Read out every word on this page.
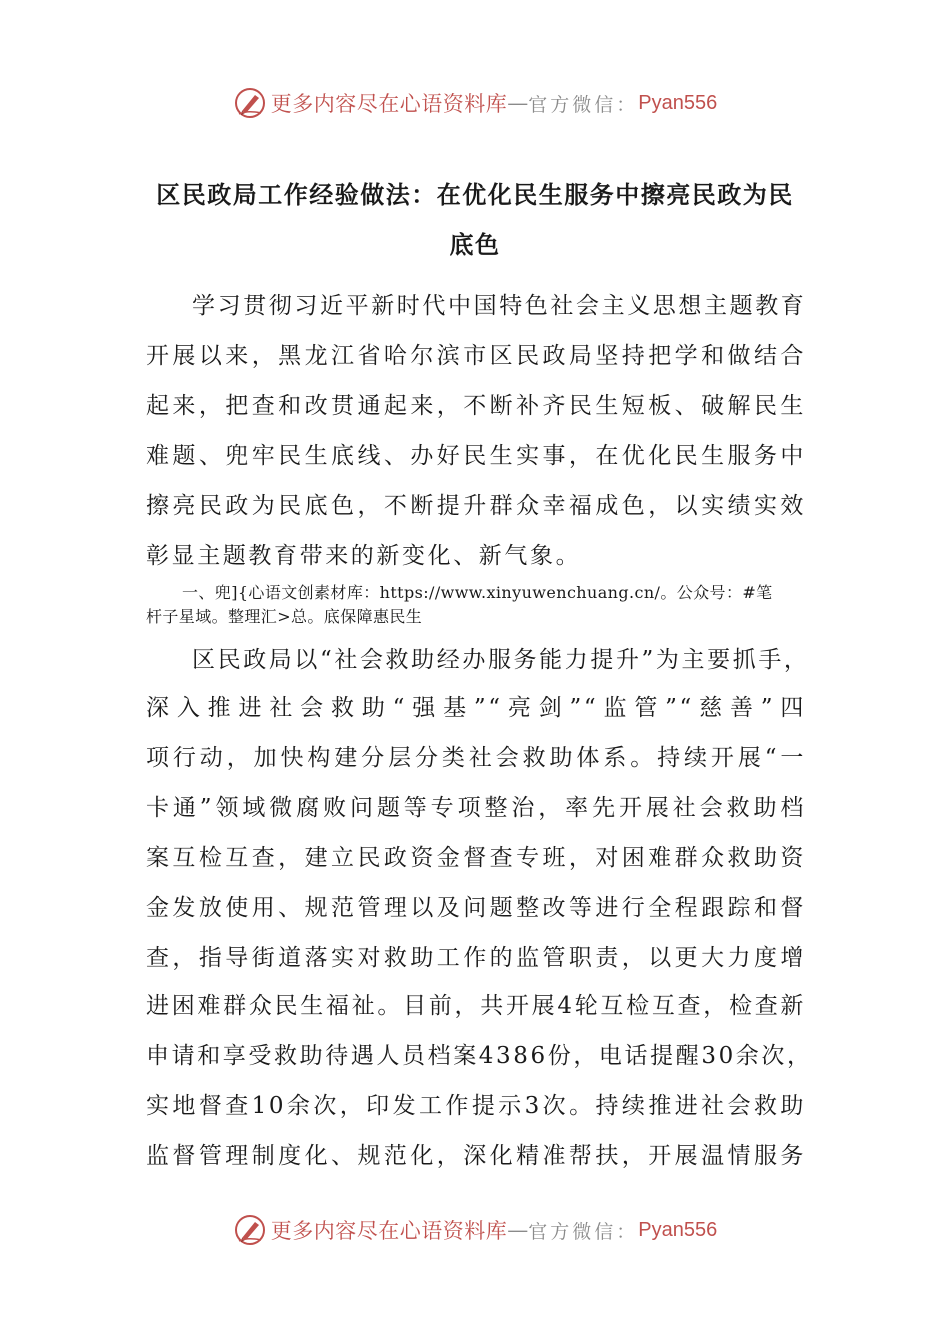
更多内容尽在心语资料库 — 官方微信： Pyan556
区民政局工作经验做法：在优化民生服务中擦亮民政为民
底色
学习贯彻习近平新时代中国特色社会主义思想主题教育
开展以来，黑龙江省哈尔滨市区民政局坚持把学和做结合
起来，把查和改贯通起来，不断补齐民生短板、破解民生
难题、兜牢民生底线、办好民生实事，在优化民生服务中
擦亮民政为民底色，不断提升群众幸福成色，以实绩实效
彰显主题教育带来的新变化、新气象。
一、兜]{心语文创素材库：https://www.xinyuwenchuang.cn/。公众号：#笔
杆子星域。整理汇>总。底保障惠民生
区民政局以“社会救助经办服务能力提升”为主要抓手，
深入推进社会救助“强基”“亮剑”“监管”“慈善”四
项行动，加快构建分层分类社会救助体系。持续开展“一
卡通”领域微腐败问题等专项整治，率先开展社会救助档
案互检互查，建立民政资金督查专班，对困难群众救助资
金发放使用、规范管理以及问题整改等进行全程跟踪和督
查，指导街道落实对救助工作的监管职责，以更大力度增
进困难群众民生福祉。目前，共开展4轮互检互查，检查新
申请和享受救助待遇人员档案4386份，电话提醒30余次，
实地督查10余次，印发工作提示3次。持续推进社会救助
监督管理制度化、规范化，深化精准帮扶，开展温情服务
更多内容尽在心语资料库 — 官方微信： Pyan556
